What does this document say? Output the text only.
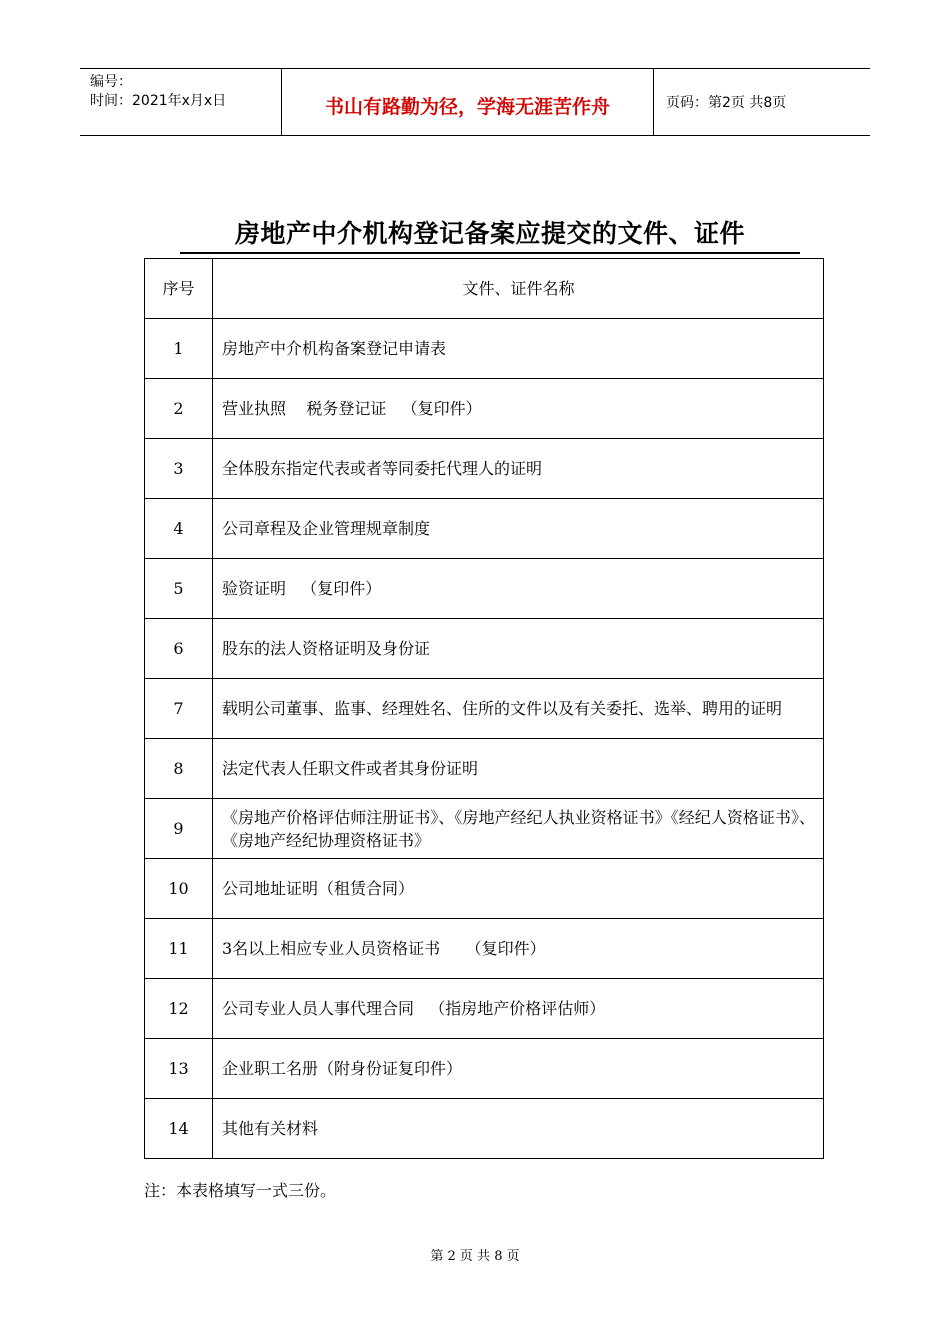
编号：
时间：2021年x月x日	书山有路勤为径，学海无涯苦作舟	页码：第2页 共8页
房地产中介机构登记备案应提交的文件、证件
序号	文件、证件名称
1	房地产中介机构备案登记申请表
2	营业执照    税务登记证   （复印件）
3	全体股东指定代表或者等同委托代理人的证明
4	公司章程及企业管理规章制度
5	验资证明   （复印件）
6	股东的法人资格证明及身份证
7	载明公司董事、监事、经理姓名、住所的文件以及有关委托、选举、聘用的证明
8	法定代表人任职文件或者其身份证明
9	《房地产价格评估师注册证书》、《房地产经纪人执业资格证书》《经纪人资格证书》、《房地产经纪协理资格证书》
10	公司地址证明（租赁合同）
11	3名以上相应专业人员资格证书     （复印件）
12	公司专业人员人事代理合同   （指房地产价格评估师）
13	企业职工名册（附身份证复印件）
14	其他有关材料
注：本表格填写一式三份。
第 2 页 共 8 页
